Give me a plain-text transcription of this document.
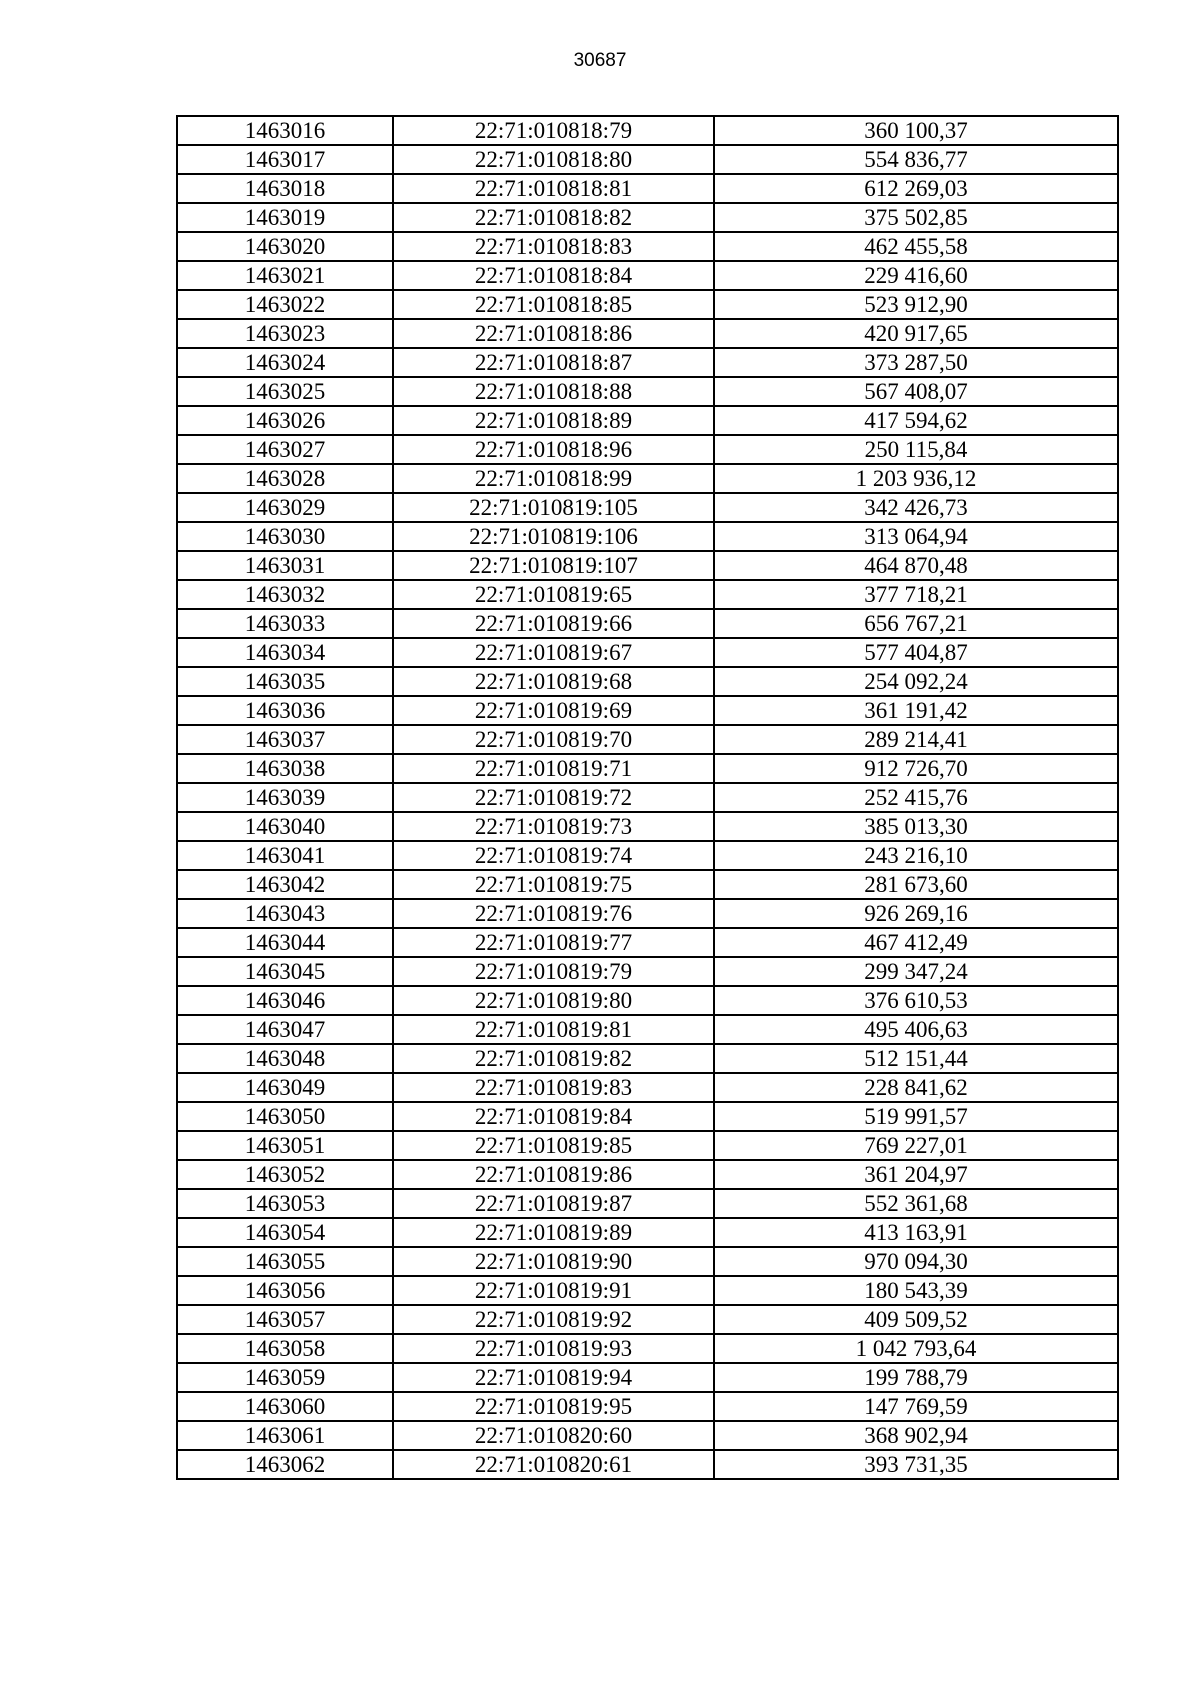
30687
1463016	22:71:010818:79	360 100,37
1463017	22:71:010818:80	554 836,77
1463018	22:71:010818:81	612 269,03
1463019	22:71:010818:82	375 502,85
1463020	22:71:010818:83	462 455,58
1463021	22:71:010818:84	229 416,60
1463022	22:71:010818:85	523 912,90
1463023	22:71:010818:86	420 917,65
1463024	22:71:010818:87	373 287,50
1463025	22:71:010818:88	567 408,07
1463026	22:71:010818:89	417 594,62
1463027	22:71:010818:96	250 115,84
1463028	22:71:010818:99	1 203 936,12
1463029	22:71:010819:105	342 426,73
1463030	22:71:010819:106	313 064,94
1463031	22:71:010819:107	464 870,48
1463032	22:71:010819:65	377 718,21
1463033	22:71:010819:66	656 767,21
1463034	22:71:010819:67	577 404,87
1463035	22:71:010819:68	254 092,24
1463036	22:71:010819:69	361 191,42
1463037	22:71:010819:70	289 214,41
1463038	22:71:010819:71	912 726,70
1463039	22:71:010819:72	252 415,76
1463040	22:71:010819:73	385 013,30
1463041	22:71:010819:74	243 216,10
1463042	22:71:010819:75	281 673,60
1463043	22:71:010819:76	926 269,16
1463044	22:71:010819:77	467 412,49
1463045	22:71:010819:79	299 347,24
1463046	22:71:010819:80	376 610,53
1463047	22:71:010819:81	495 406,63
1463048	22:71:010819:82	512 151,44
1463049	22:71:010819:83	228 841,62
1463050	22:71:010819:84	519 991,57
1463051	22:71:010819:85	769 227,01
1463052	22:71:010819:86	361 204,97
1463053	22:71:010819:87	552 361,68
1463054	22:71:010819:89	413 163,91
1463055	22:71:010819:90	970 094,30
1463056	22:71:010819:91	180 543,39
1463057	22:71:010819:92	409 509,52
1463058	22:71:010819:93	1 042 793,64
1463059	22:71:010819:94	199 788,79
1463060	22:71:010819:95	147 769,59
1463061	22:71:010820:60	368 902,94
1463062	22:71:010820:61	393 731,35
